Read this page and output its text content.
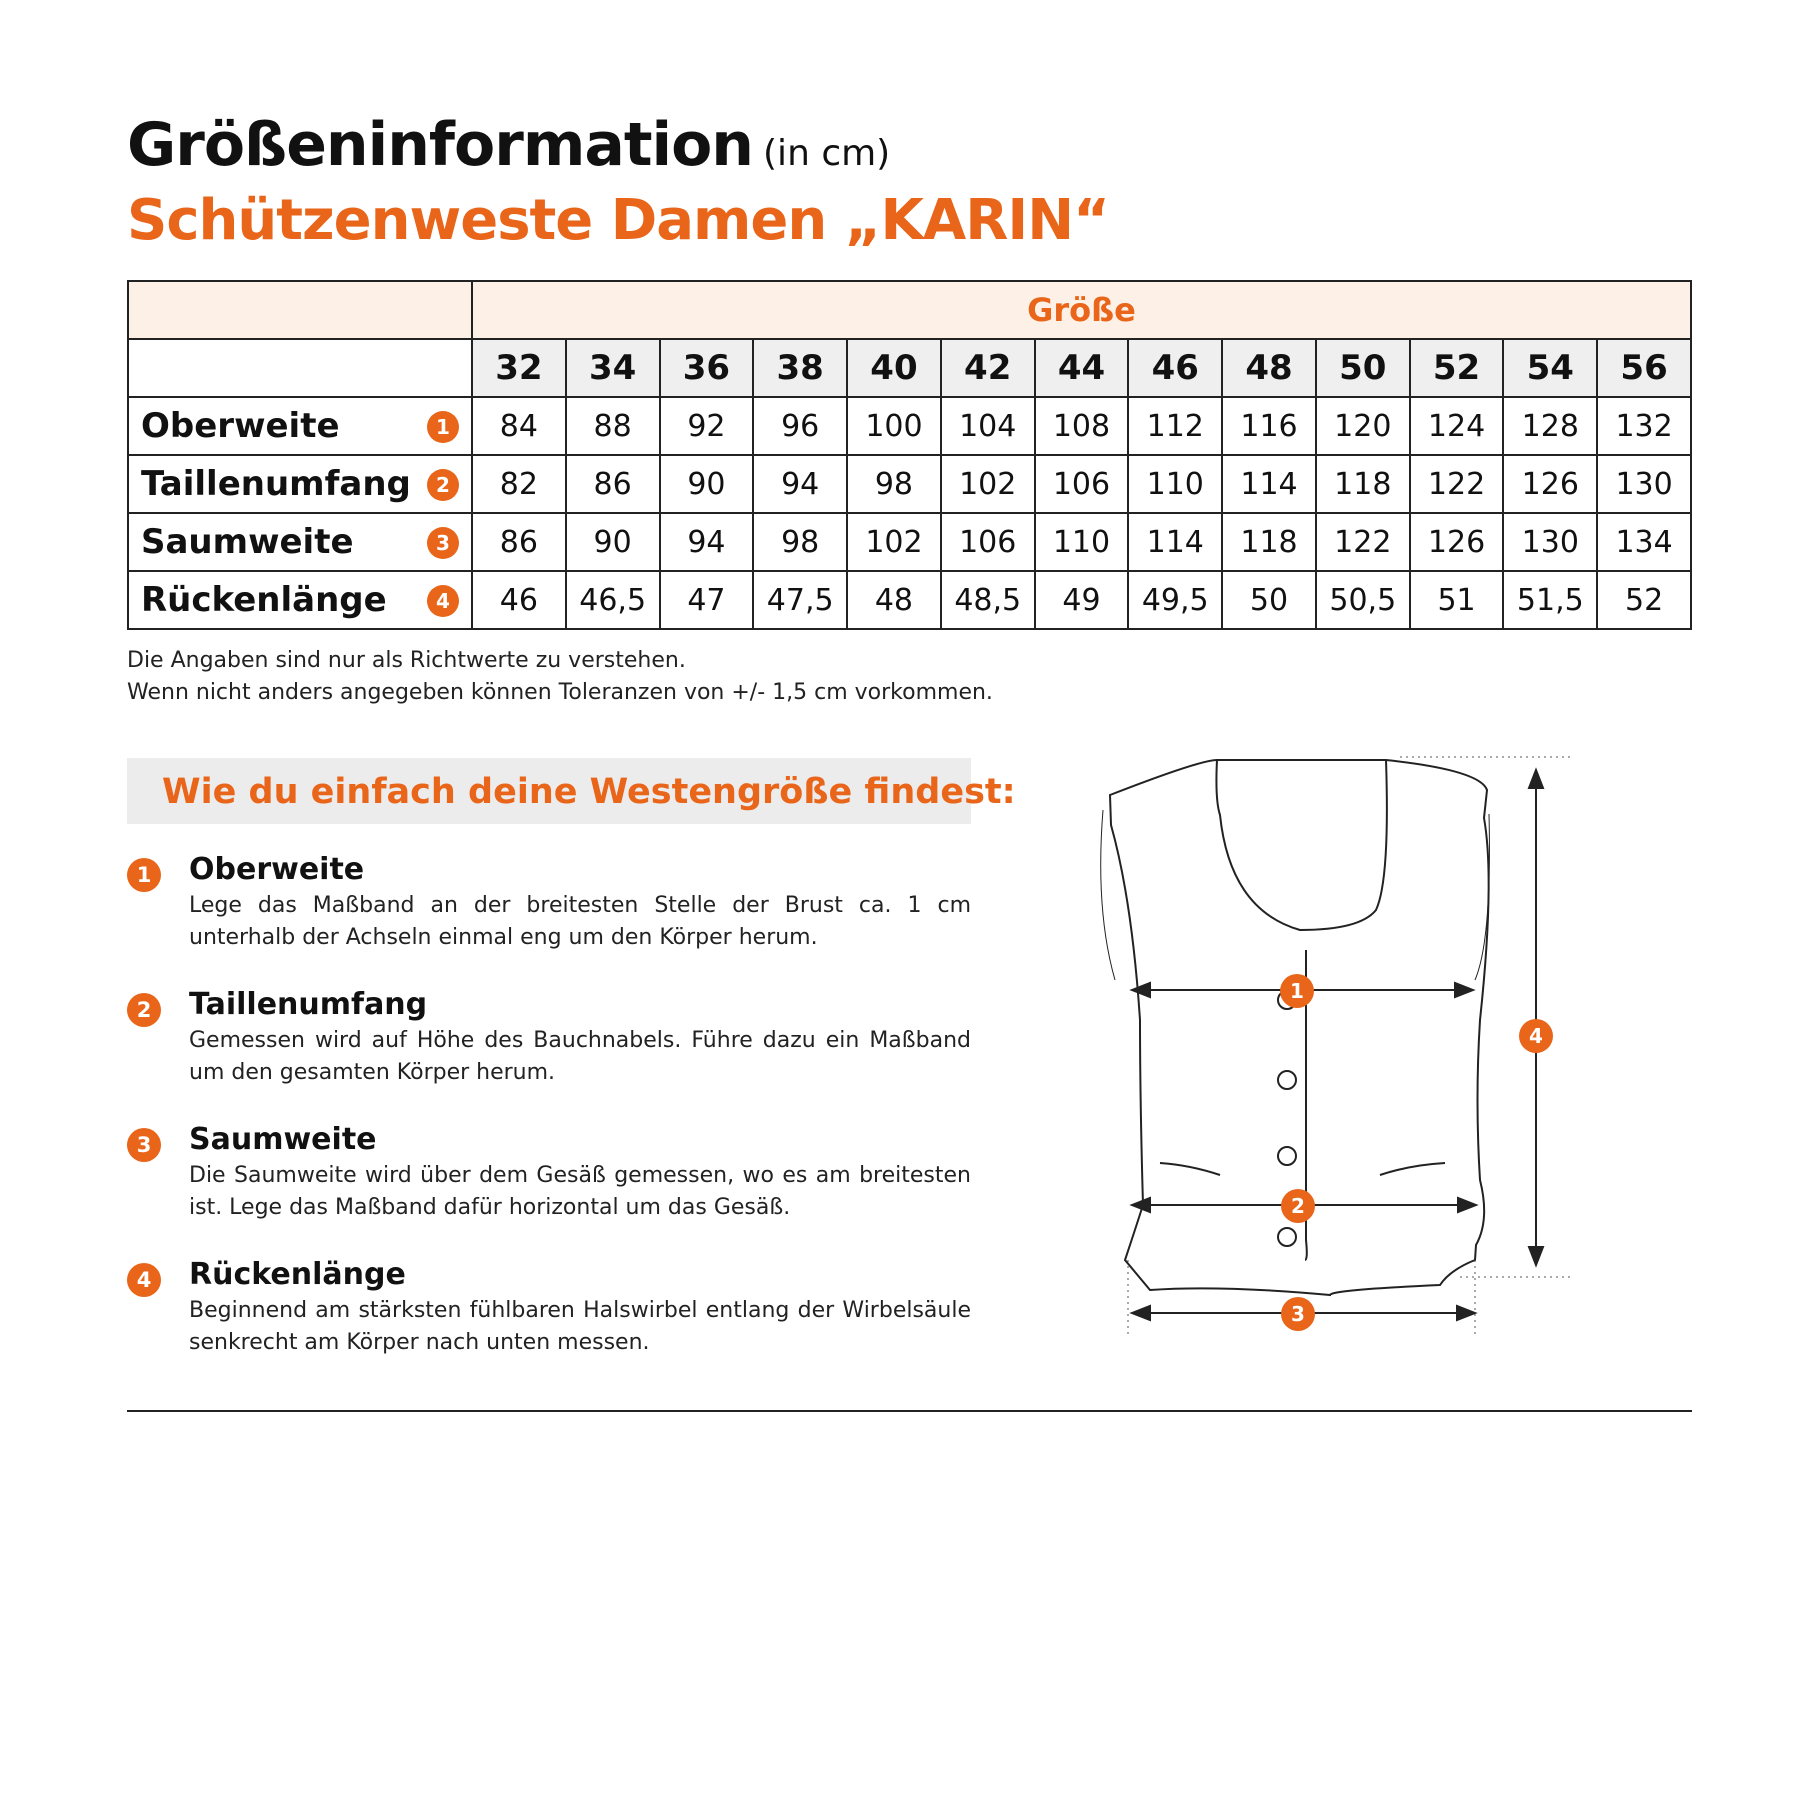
Größeninformation (in cm)
Schützenweste Damen „KARIN“
	Größe												
	32	34	36	38	40	42	44	46	48	50	52	54	56
Oberweite 1	84	88	92	96	100	104	108	112	116	120	124	128	132
Taillenumfang 2	82	86	90	94	98	102	106	110	114	118	122	126	130
Saumweite 3	86	90	94	98	102	106	110	114	118	122	126	130	134
Rückenlänge 4	46	46,5	47	47,5	48	48,5	49	49,5	50	50,5	51	51,5	52
Die Angaben sind nur als Richtwerte zu verstehen.
Wenn nicht anders angegeben können Toleranzen von +/- 1,5 cm vorkommen.
Wie du einfach deine Westengröße findest:
1	Oberweite
Lege das Maßband an der breitesten Stelle der Brust ca. 1 cm unterhalb der Achseln einmal eng um den Körper herum.
2	Taillenumfang
Gemessen wird auf Höhe des Bauchnabels. Führe dazu ein Maßband um den gesamten Körper herum.
3	Saumweite
Die Saumweite wird über dem Gesäß gemessen, wo es am breitesten ist. Lege das Maßband dafür horizontal um das Gesäß.
4	Rückenlänge
Beginnend am stärksten fühlbaren Halswirbel entlang der Wirbelsäule senkrecht am Körper nach unten messen.
1
2
3
4
